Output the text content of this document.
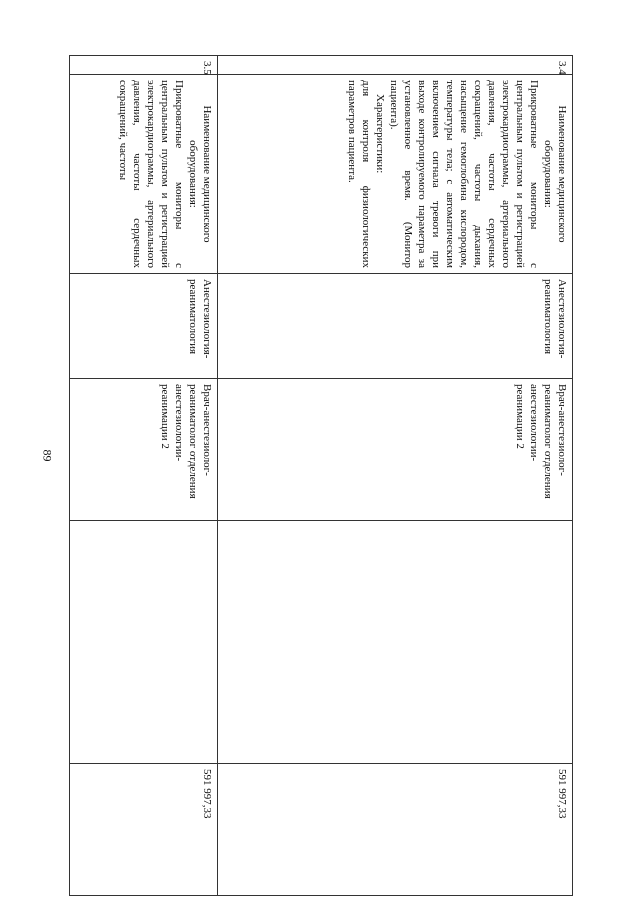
89
3.4	Наименование медицинского оборудования:
Прикроватные мониторы с центральным пультом и регистрацией электрокардиограммы, артериального давления, частоты сердечных сокращений, частоты дыхания, насыщение гемоглобина кислородом, температуры тела; с автоматическим включением сигнала тревоги при выходе контролируемого параметра за установленное время. (Монитор пациента).
Характеристики:
для контроля физиологических параметров пациента.	Анестезиология-реаниматология	Врач-анестезиолог-реаниматолог отделения анестезиологии-реанимации 2		591 997,33
3.5	Наименование медицинского оборудования:
Прикроватные мониторы с центральным пультом и регистрацией электрокардиограммы, артериального давления, частоты сердечных сокращений, частоты	Анестезиология-реаниматология	Врач-анестезиолог-реаниматолог отделения анестезиологии-реанимации 2		591 997,33
